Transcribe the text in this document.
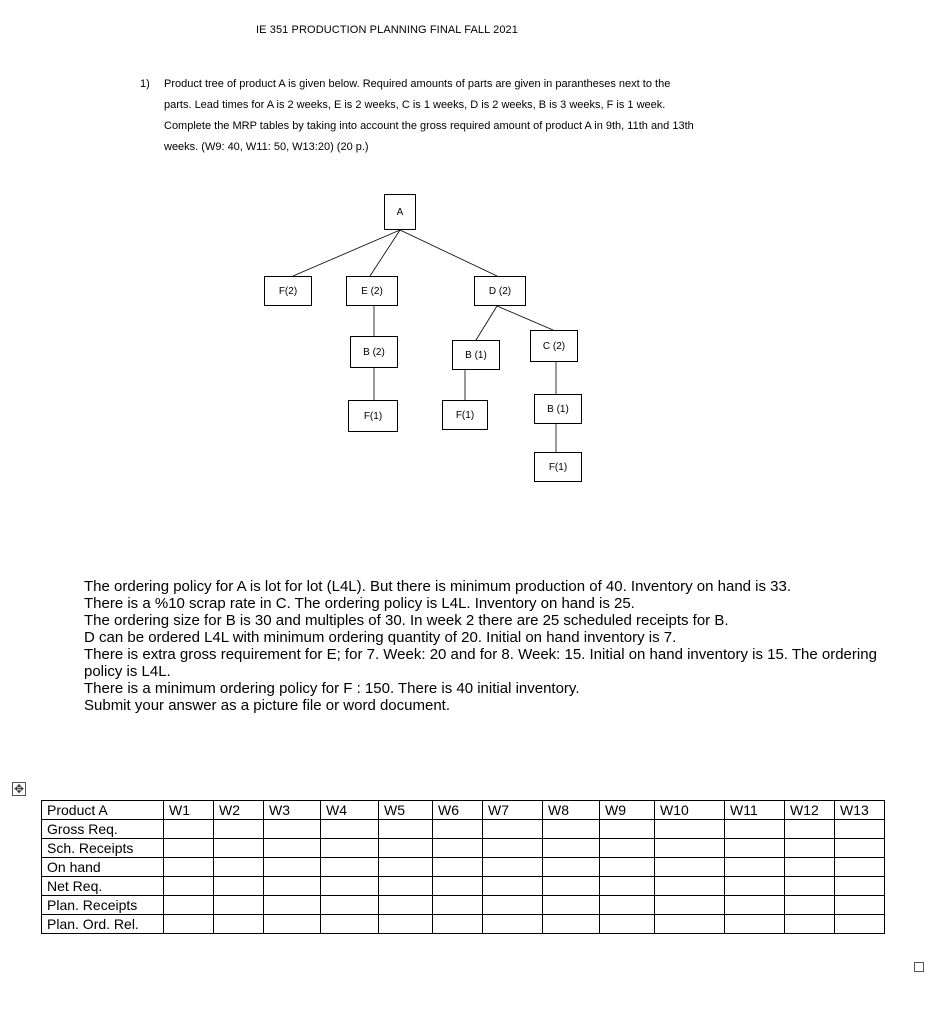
IE 351 PRODUCTION PLANNING FINAL FALL 2021
1) Product tree of product A is given below. Required amounts of parts are given in parantheses next to the parts. Lead times for A is 2 weeks, E is 2 weeks, C is 1 weeks, D is 2 weeks, B is 3 weeks, F is 1 week. Complete the MRP tables by taking into account the gross required amount of product A in 9th, 11th and 13th weeks. (W9: 40, W11: 50, W13:20) (20 p.)
A
F(2)	E (2)	D (2)
B (2)	B (1)
C (2)
F(1)	F(1)
B (1)
F(1)

The ordering policy for A is lot for lot (L4L). But there is minimum production of 40. Inventory on hand is 33.

There is a %10 scrap rate in C. The ordering policy is L4L. Inventory on hand is 25.

The ordering size for B is 30 and multiples of 30. In week 2 there are 25 scheduled receipts for B.

D can be ordered L4L with minimum ordering quantity of 20. Initial on hand inventory is 7.

There is extra gross requirement for E; for 7. Week: 20 and for 8. Week: 15. Initial on hand inventory is 15. The ordering policy is L4L.

There is a minimum ordering policy for F : 150. There is 40 initial inventory.

Submit your answer as a picture file or word document.

✥
Product A	W1	W2	W3	W4	W5	W6	W7	W8	W9	W10	W11	W12	W13
Gross Req.													
Sch. Receipts													
On hand													
Net Req.													
Plan. Receipts													
Plan. Ord. Rel.													
